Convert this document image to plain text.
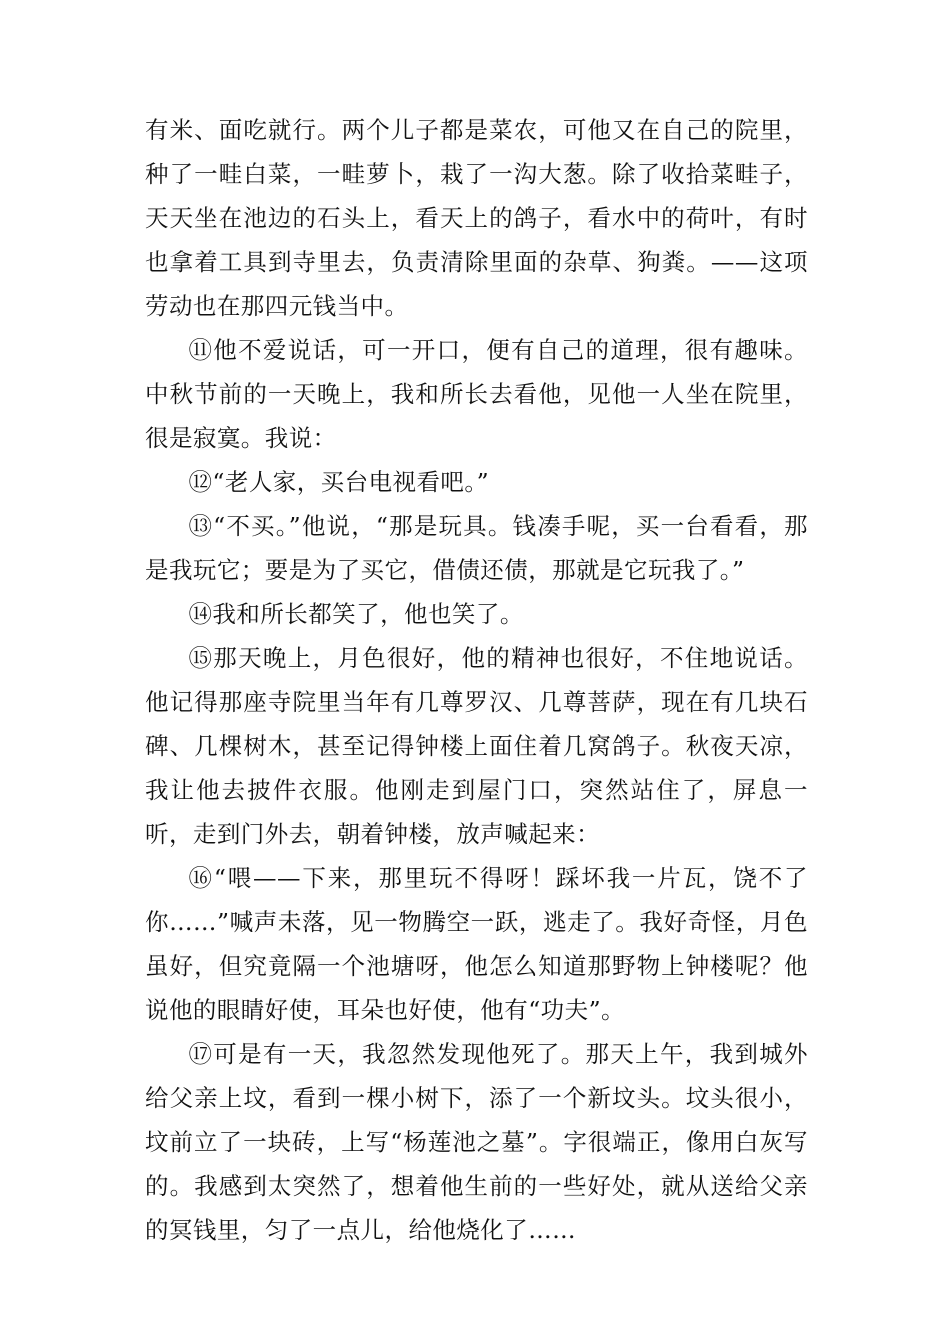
有米、面吃就行。两个儿子都是菜农，可他又在自己的院里，种了一畦白菜，一畦萝卜，栽了一沟大葱。除了收拾菜畦子，天天坐在池边的石头上，看天上的鸽子，看水中的荷叶，有时也拿着工具到寺里去，负责清除里面的杂草、狗粪。——这项劳动也在那四元钱当中。

⑪他不爱说话，可一开口，便有自己的道理，很有趣味。中秋节前的一天晚上，我和所长去看他，见他一人坐在院里，很是寂寞。我说：

⑫“老人家，买台电视看吧。”

⑬“不买。”他说，“那是玩具。钱凑手呢，买一台看看，那是我玩它；要是为了买它，借债还债，那就是它玩我了。”

⑭我和所长都笑了，他也笑了。

⑮那天晚上，月色很好，他的精神也很好，不住地说话。他记得那座寺院里当年有几尊罗汉、几尊菩萨，现在有几块石碑、几棵树木，甚至记得钟楼上面住着几窝鸽子。秋夜天凉，我让他去披件衣服。他刚走到屋门口，突然站住了，屏息一听，走到门外去，朝着钟楼，放声喊起来：

⑯“喂——下来，那里玩不得呀！踩坏我一片瓦，饶不了你……”喊声未落，见一物腾空一跃，逃走了。我好奇怪，月色虽好，但究竟隔一个池塘呀，他怎么知道那野物上钟楼呢？他说他的眼睛好使，耳朵也好使，他有“功夫”。

⑰可是有一天，我忽然发现他死了。那天上午，我到城外给父亲上坟，看到一棵小树下，添了一个新坟头。坟头很小，坟前立了一块砖，上写“杨莲池之墓”。字很端正，像用白灰写的。我感到太突然了，想着他生前的一些好处，就从送给父亲的冥钱里，匀了一点儿，给他烧化了……
